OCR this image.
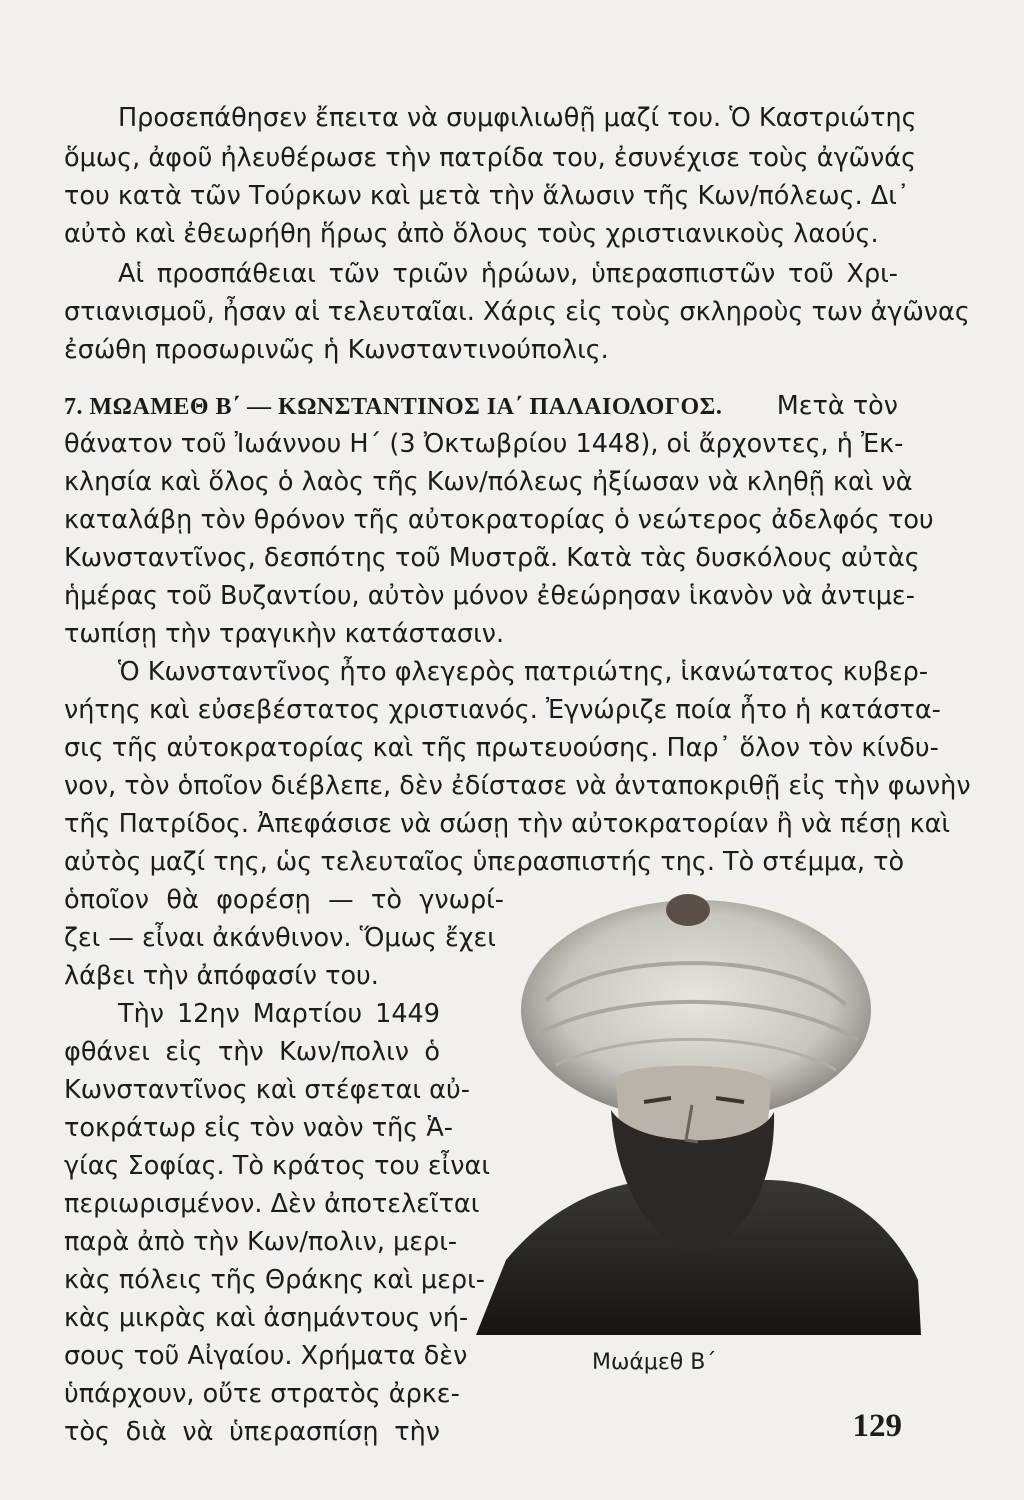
Προσεπάθησεν ἔπειτα νὰ συμφιλιωθῇ μαζί του. Ὁ Καστριώτης
ὅμως, ἀφοῦ ἠλευθέρωσε τὴν πατρίδα του, ἐσυνέχισε τοὺς ἀγῶνάς
του κατὰ τῶν Τούρκων καὶ μετὰ τὴν ἅλωσιν τῆς Κων/πόλεως. Δι᾽
αὐτὸ καὶ ἐθεωρήθη ἥρως ἀπὸ ὅλους τοὺς χριστιανικοὺς λαούς.
Αἱ προσπάθειαι τῶν τριῶν ἡρώων, ὑπερασπιστῶν τοῦ Χρι-
στιανισμοῦ, ἦσαν αἱ τελευταῖαι. Χάρις εἰς τοὺς σκληροὺς των ἀγῶνας
ἐσώθη προσωρινῶς ἡ Κωνσταντινούπολις.
7. ΜΩΑΜΕΘ Β΄ — ΚΩΝΣΤΑΝΤΙΝΟΣ ΙΑ΄ ΠΑΛΑΙΟΛΟΓΟΣ. Μετὰ τὸν
θάνατον τοῦ Ἰωάννου Η΄ (3 Ὀκτωβρίου 1448), οἱ ἄρχοντες, ἡ Ἐκ-
κλησία καὶ ὅλος ὁ λαὸς τῆς Κων/πόλεως ἠξίωσαν νὰ κληθῇ καὶ νὰ
καταλάβῃ τὸν θρόνον τῆς αὐτοκρατορίας ὁ νεώτερος ἀδελφός του
Κωνσταντῖνος, δεσπότης τοῦ Μυστρᾶ. Κατὰ τὰς δυσκόλους αὐτὰς
ἡμέρας τοῦ Βυζαντίου, αὐτὸν μόνον ἐθεώρησαν ἱκανὸν νὰ ἀντιμε-
τωπίσῃ τὴν τραγικὴν κατάστασιν.
Ὁ Κωνσταντῖνος ἦτο φλεγερὸς πατριώτης, ἱκανώτατος κυβερ-
νήτης καὶ εὐσεβέστατος χριστιανός. Ἐγνώριζε ποία ἦτο ἡ κατάστα-
σις τῆς αὐτοκρατορίας καὶ τῆς πρωτευούσης. Παρ᾽ ὅλον τὸν κίνδυ-
νον, τὸν ὁποῖον διέβλεπε, δὲν ἐδίστασε νὰ ἀνταποκριθῇ εἰς τὴν φωνὴν
τῆς Πατρίδος. Ἀπεφάσισε νὰ σώσῃ τὴν αὐτοκρατορίαν ἢ νὰ πέσῃ καὶ
αὐτὸς μαζί της, ὡς τελευταῖος ὑπερασπιστής της. Τὸ στέμμα, τὸ
ὁποῖον θὰ φορέσῃ — τὸ γνωρί-
ζει — εἶναι ἀκάνθινον. Ὅμως ἔχει
λάβει τὴν ἀπόφασίν του.
Τὴν 12ην Μαρτίου 1449
φθάνει εἰς τὴν Κων/πολιν ὁ
Κωνσταντῖνος καὶ στέφεται αὐ-
τοκράτωρ εἰς τὸν ναὸν τῆς Ἁ-
γίας Σοφίας. Τὸ κράτος του εἶναι
περιωρισμένον. Δὲν ἀποτελεῖται
παρὰ ἀπὸ τὴν Κων/πολιν, μερι-
κὰς πόλεις τῆς Θράκης καὶ μερι-
κὰς μικρὰς καὶ ἀσημάντους νή-
σους τοῦ Αἰγαίου. Χρήματα δὲν
ὑπάρχουν, οὔτε στρατὸς ἀρκε-
τὸς διὰ νὰ ὑπερασπίσῃ τὴν
Μωάμεθ Β΄
129
